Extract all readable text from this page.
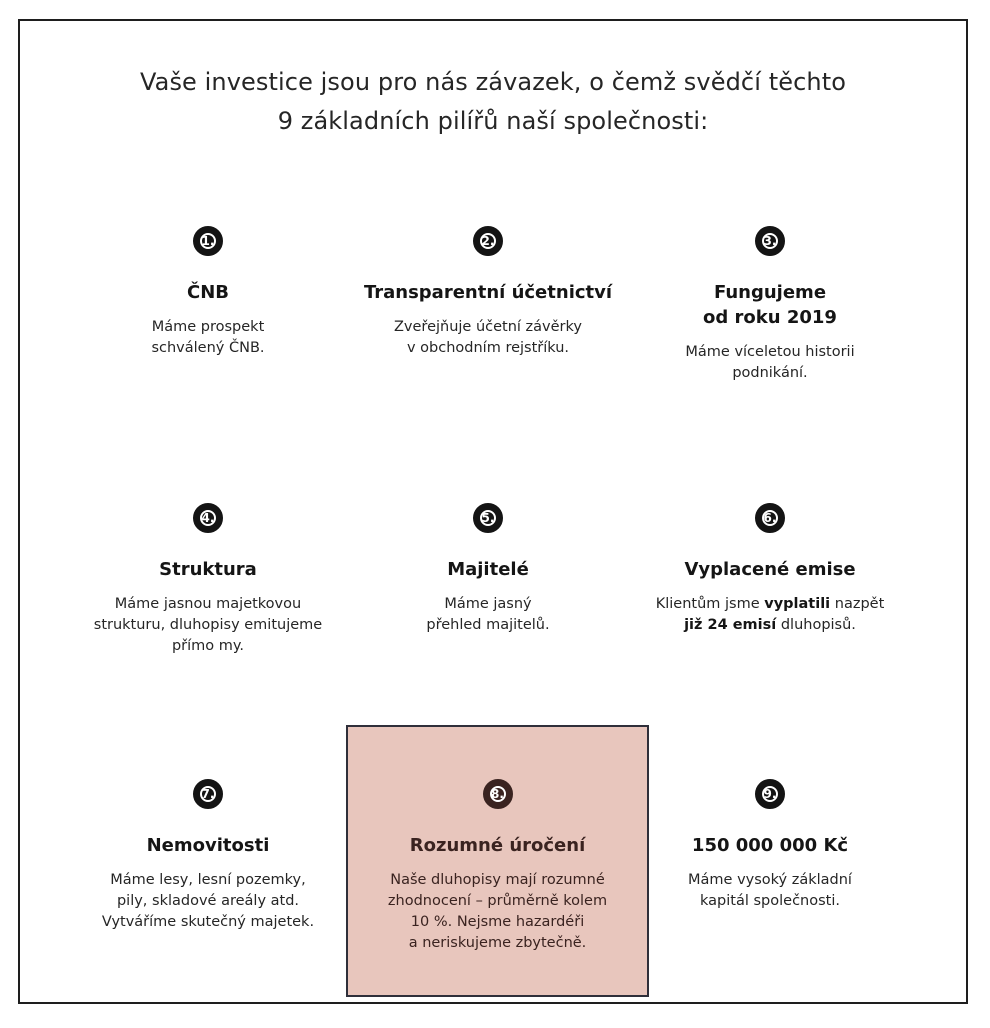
Vaše investice jsou pro nás závazek, o čemž svědčí těchto
9 základních pilířů naší společnosti:
1.
ČNB
Máme prospekt
schválený ČNB.
2.
Transparentní účetnictví
Zveřejňuje účetní závěrky
v obchodním rejstříku.
3.
Fungujeme
od roku 2019
Máme víceletou historii
podnikání.
4.
Struktura
Máme jasnou majetkovou
strukturu, dluhopisy emitujeme
přímo my.
5.
Majitelé
Máme jasný
přehled majitelů.
6.
Vyplacené emise
Klientům jsme vyplatili nazpět
již 24 emisí dluhopisů.
7.
Nemovitosti
Máme lesy, lesní pozemky,
pily, skladové areály atd.
Vytváříme skutečný majetek.
8.
Rozumné úročení
Naše dluhopisy mají rozumné
zhodnocení – průměrně kolem
10 %. Nejsme hazardéři
a neriskujeme zbytečně.
9.
150 000 000 Kč
Máme vysoký základní
kapitál společnosti.
